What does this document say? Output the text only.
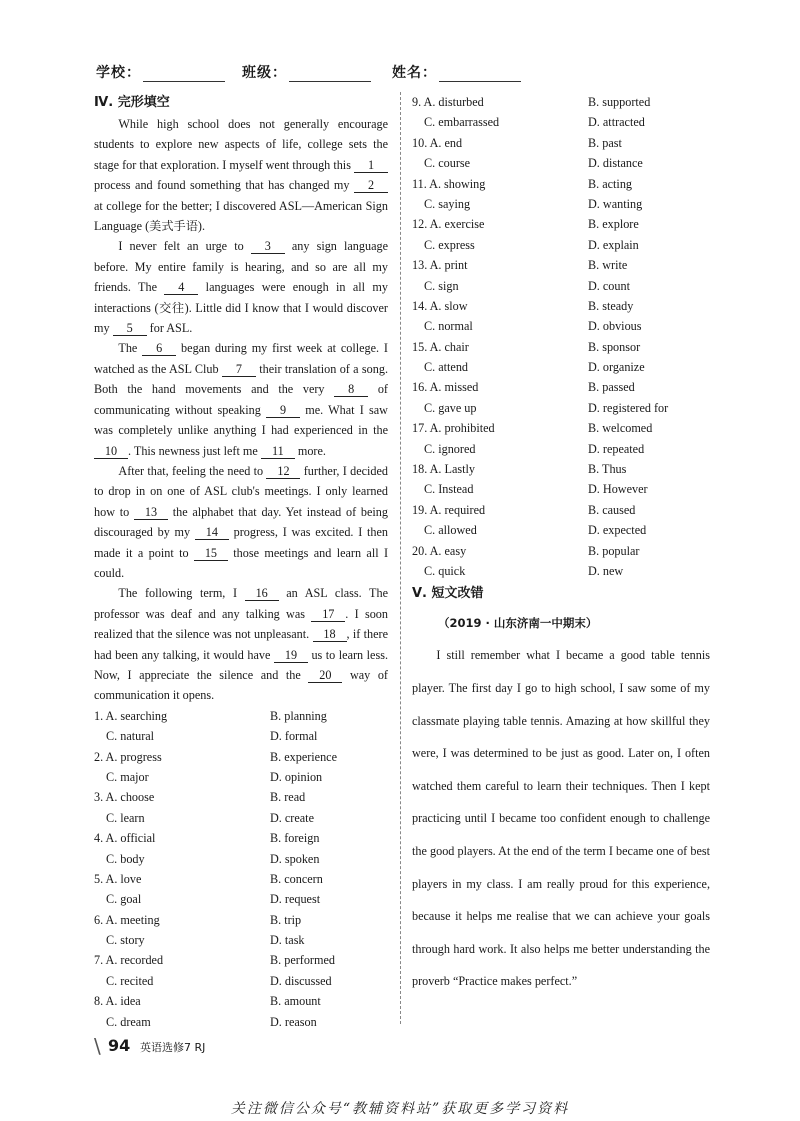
学校：	班级：	姓名：
Ⅳ. 完形填空

While high school does not generally encourage students to explore new aspects of life, college sets the stage for that exploration. I myself went through this 1 process and found something that has changed my 2 at college for the better; I discovered ASL—American Sign Language (美式手语).

I never felt an urge to 3 any sign language before. My entire family is hearing, and so are all my friends. The 4 languages were enough in all my interactions (交往). Little did I know that I would discover my 5 for ASL.

The 6 began during my first week at college. I watched as the ASL Club 7 their translation of a song. Both the hand movements and the very 8 of communicating without speaking 9 me. What I saw was completely unlike anything I had experienced in the 10 . This newness just left me 11 more.

After that, feeling the need to 12 further, I decided to drop in on one of ASL club's meetings. I only learned how to 13 the alphabet that day. Yet instead of being discouraged by my 14 progress, I was excited. I then made it a point to 15 those meetings and learn all I could.

The following term, I 16 an ASL class. The professor was deaf and any talking was 17 . I soon realized that the silence was not unpleasant. 18 , if there had been any talking, it would have 19 us to learn less. Now, I appreciate the silence and the 20 way of communication it opens.

1. A. searching	B. planning
C. natural	D. formal
2. A. progress	B. experience
C. major	D. opinion
3. A. choose	B. read
C. learn	D. create
4. A. official	B. foreign
C. body	D. spoken
5. A. love	B. concern
C. goal	D. request
6. A. meeting	B. trip
C. story	D. task
7. A. recorded	B. performed
C. recited	D. discussed
8. A. idea	B. amount
C. dream	D. reason
9. A. disturbed	B. supported
C. embarrassed	D. attracted
10. A. end	B. past
C. course	D. distance
11. A. showing	B. acting
C. saying	D. wanting
12. A. exercise	B. explore
C. express	D. explain
13. A. print	B. write
C. sign	D. count
14. A. slow	B. steady
C. normal	D. obvious
15. A. chair	B. sponsor
C. attend	D. organize
16. A. missed	B. passed
C. gave up	D. registered for
17. A. prohibited	B. welcomed
C. ignored	D. repeated
18. A. Lastly	B. Thus
C. Instead	D. However
19. A. required	B. caused
C. allowed	D. expected
20. A. easy	B. popular
C. quick	D. new
Ⅴ. 短文改错
（2019 · 山东济南一中期末）

I still remember what I became a good table tennis player. The first day I go to high school, I saw some of my classmate playing table tennis. Amazing at how skillful they were, I was determined to be just as good. Later on, I often watched them careful to learn their techniques. Then I kept practicing until I became too confident enough to challenge the good players. At the end of the term I became one of best players in my class. I am really proud for this experience, because it helps me realise that we can achieve your goals through hard work. It also helps me better understanding the proverb “Practice makes perfect.”

\ 94 英语选修7 RJ
关注微信公众号“教辅资料站”获取更多学习资料
